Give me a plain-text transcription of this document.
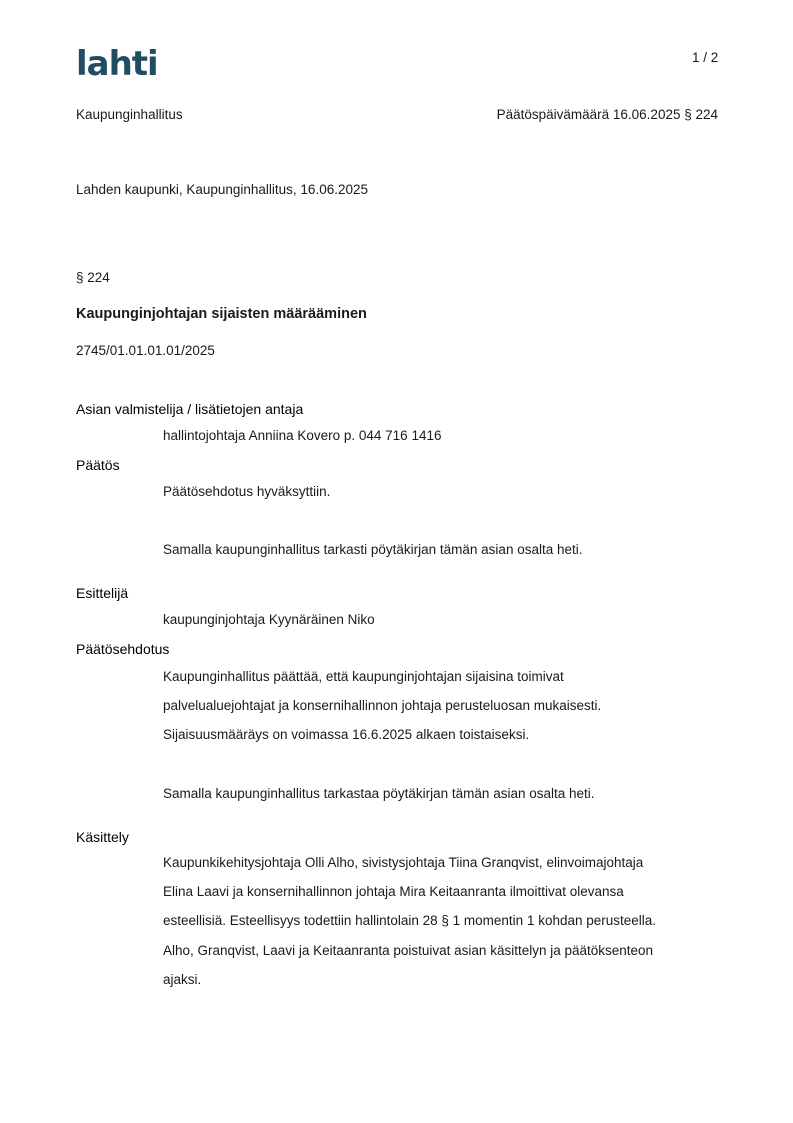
lahti	1 / 2
Kaupunginhallitus	Päätöspäivämäärä 16.06.2025 § 224
Lahden kaupunki, Kaupunginhallitus, 16.06.2025
§ 224
Kaupunginjohtajan sijaisten määrääminen
2745/01.01.01.01/2025
Asian valmistelija / lisätietojen antaja
hallintojohtaja Anniina Kovero p. 044 716 1416
Päätös
Päätösehdotus hyväksyttiin.
Samalla kaupunginhallitus tarkasti pöytäkirjan tämän asian osalta heti.
Esittelijä
kaupunginjohtaja Kyynäräinen Niko
Päätösehdotus
Kaupunginhallitus päättää, että kaupunginjohtajan sijaisina toimivat
palvelualuejohtajat ja konsernihallinnon johtaja perusteluosan mukaisesti.
Sijaisuusmääräys on voimassa 16.6.2025 alkaen toistaiseksi.
Samalla kaupunginhallitus tarkastaa pöytäkirjan tämän asian osalta heti.
Käsittely
Kaupunkikehitysjohtaja Olli Alho, sivistysjohtaja Tiina Granqvist, elinvoimajohtaja
Elina Laavi ja konsernihallinnon johtaja Mira Keitaanranta ilmoittivat olevansa
esteellisiä. Esteellisyys todettiin hallintolain 28 § 1 momentin 1 kohdan perusteella.
Alho, Granqvist, Laavi ja Keitaanranta poistuivat asian käsittelyn ja päätöksenteon
ajaksi.
